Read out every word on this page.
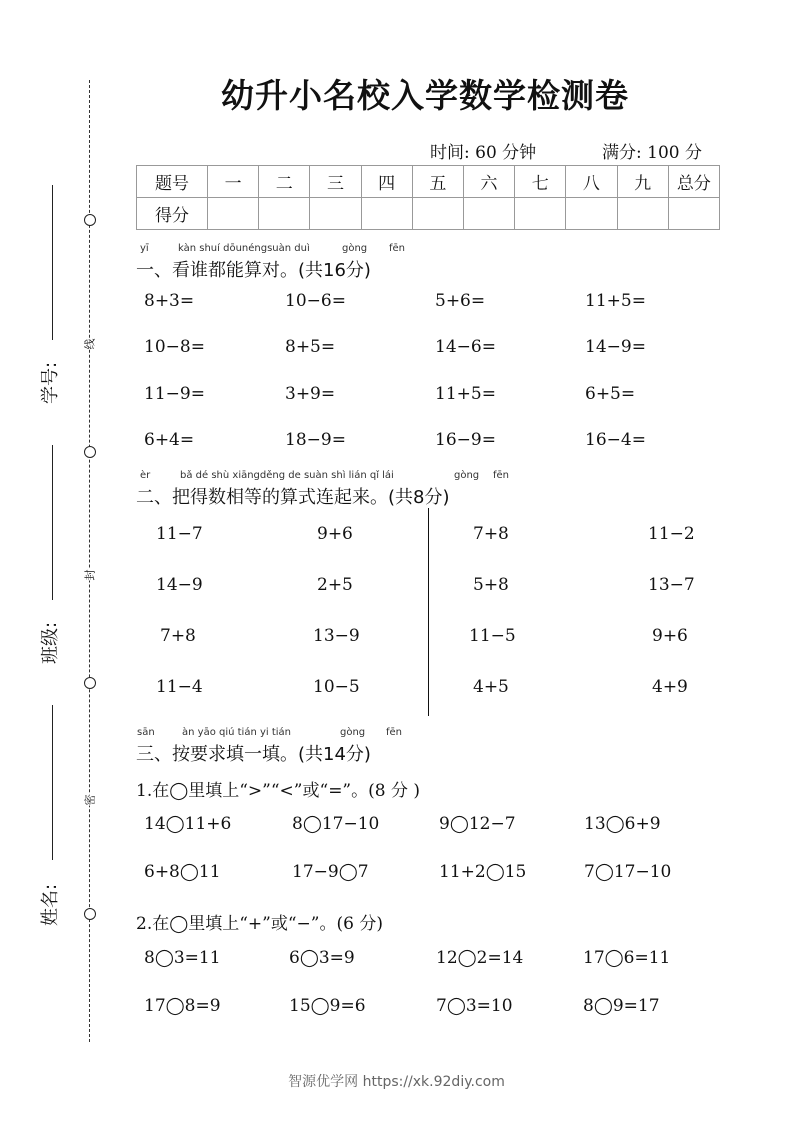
幼升小名校入学数学检测卷
时间: 60 分钟	满分: 100 分
题号	一	二	三	四	五	六	七	八	九	总分
得分										
线
封
密
学号:
班级:
姓名:
yī	kàn shuí dōunéngsuàn duì	gòng fēn
一、看谁都能算对。(共16分)
8+3=	10−6=	5+6=	11+5=
10−8=	8+5=	14−6=	14−9=
11−9=	3+9=	11+5=	6+5=
6+4=	18−9=	16−9=	16−4=
èr	bǎ dé shù xiāngděng de suàn shì lián qǐ lái	gòng fēn
二、把得数相等的算式连起来。(共8分)
11−7	9+6	7+8	11−2
14−9	2+5	5+8	13−7
7+8	13−9	11−5	9+6
11−4	10−5	4+5	4+9
sān	àn yāo qiú tián yi tián	gòng fēn
三、按要求填一填。(共14分)
1.在◯里填上“>”“<”或“=”。(8 分 )
14◯11+6	8◯17−10	9◯12−7	13◯6+9
6+8◯11	17−9◯7	11+2◯15	7◯17−10
2.在◯里填上“+”或“−”。(6 分)
8◯3=11	6◯3=9	12◯2=14	17◯6=11
17◯8=9	15◯9=6	7◯3=10	8◯9=17
智源优学网 https://xk.92diy.com
